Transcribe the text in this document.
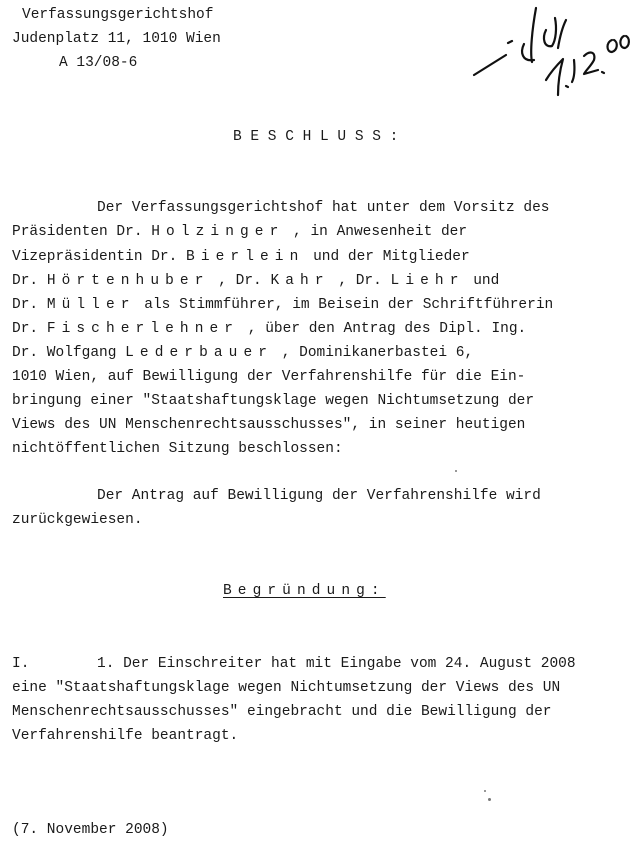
Verfassungsgerichtshof
Judenplatz 11, 1010 Wien
A 13/08-6
B E S C H L U S S :
Der Verfassungsgerichtshof hat unter dem Vorsitz des
Präsidenten Dr. Holzinger , in Anwesenheit der
Vizepräsidentin Dr. Bierlein und der Mitglieder
Dr. Hörtenhuber , Dr. Kahr , Dr. Liehr und
Dr. Müller als Stimmführer, im Beisein der Schriftführerin
Dr. Fischerlehner , über den Antrag des Dipl. Ing.
Dr. Wolfgang Lederbauer , Dominikanerbastei 6,
1010 Wien, auf Bewilligung der Verfahrenshilfe für die Ein-
bringung einer "Staatshaftungsklage wegen Nichtumsetzung der
Views des UN Menschenrechtsausschusses", in seiner heutigen
nichtöffentlichen Sitzung beschlossen:
Der Antrag auf Bewilligung der Verfahrenshilfe wird
zurückgewiesen.
Begründung:
I.	1. Der Einschreiter hat mit Eingabe vom 24. August 2008
eine "Staatshaftungsklage wegen Nichtumsetzung der Views des UN
Menschenrechtsausschusses" eingebracht und die Bewilligung der
Verfahrenshilfe beantragt.
(7. November 2008)
